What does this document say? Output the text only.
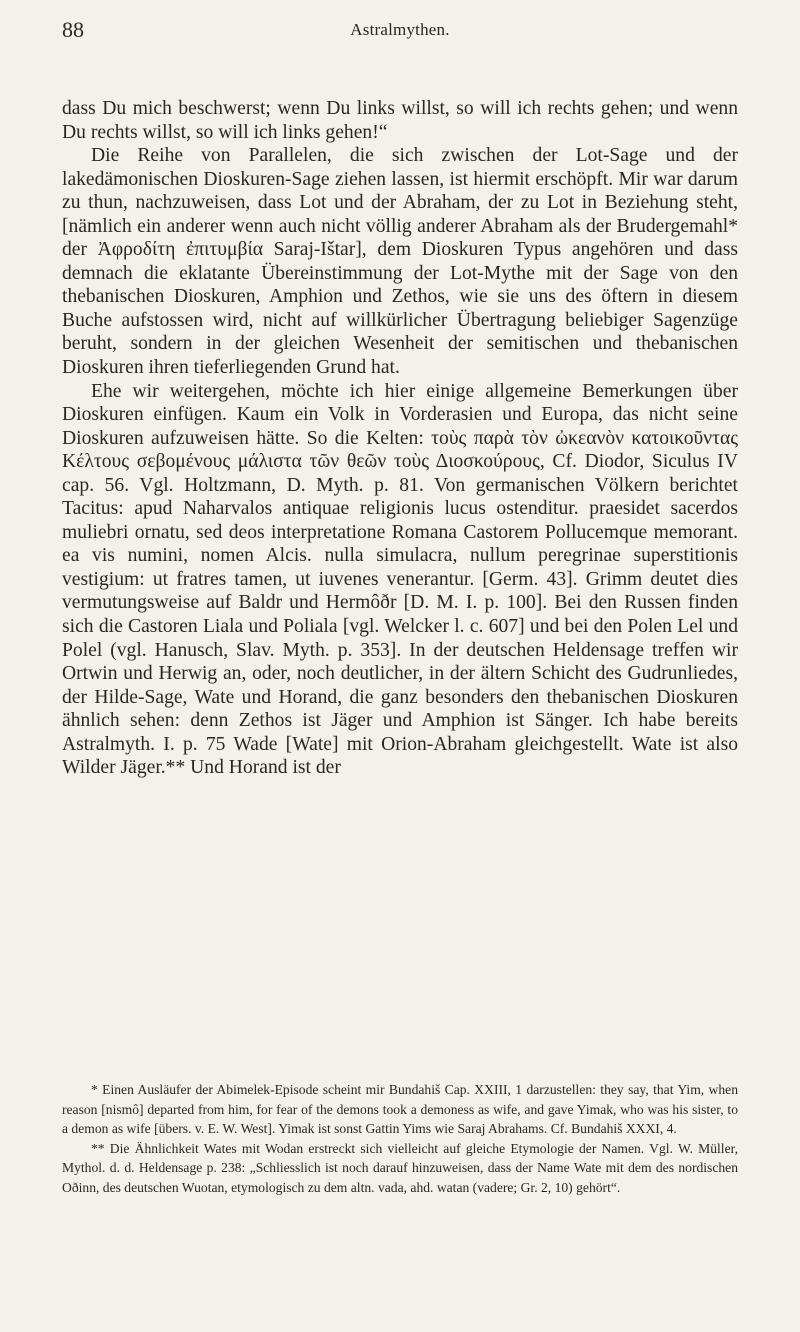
88	Astralmythen.

dass Du mich beschwerst; wenn Du links willst, so will ich rechts gehen; und wenn Du rechts willst, so will ich links gehen!“

Die Reihe von Parallelen, die sich zwischen der Lot-Sage und der lakedämonischen Dioskuren-Sage ziehen lassen, ist hiermit erschöpft. Mir war darum zu thun, nachzuweisen, dass Lot und der Abraham, der zu Lot in Beziehung steht, [nämlich ein anderer wenn auch nicht völlig anderer Abraham als der Brudergemahl* der Ἀφροδίτη ἐπιτυμβία Saraj-Ištar], dem Dioskuren Typus angehören und dass demnach die eklatante Übereinstimmung der Lot-Mythe mit der Sage von den thebanischen Dioskuren, Amphion und Zethos, wie sie uns des öftern in diesem Buche aufstossen wird, nicht auf willkürlicher Übertragung beliebiger Sagenzüge beruht, sondern in der gleichen Wesenheit der semitischen und thebanischen Dioskuren ihren tieferliegenden Grund hat.

Ehe wir weitergehen, möchte ich hier einige allgemeine Bemerkungen über Dioskuren einfügen. Kaum ein Volk in Vorderasien und Europa, das nicht seine Dioskuren aufzuweisen hätte. So die Kelten: τοὺς παρὰ τὸν ὠκεανὸν κατοικοῦντας Κέλτους σεβομένους μάλιστα τῶν θεῶν τοὺς Διοσκούρους, Cf. Diodor, Siculus IV cap. 56. Vgl. Holtzmann, D. Myth. p. 81. Von germanischen Völkern berichtet Tacitus: apud Naharvalos antiquae religionis lucus ostenditur. praesidet sacerdos muliebri ornatu, sed deos interpretatione Romana Castorem Pollucemque memorant. ea vis numini, nomen Alcis. nulla simulacra, nullum peregrinae superstitionis vestigium: ut fratres tamen, ut iuvenes venerantur. [Germ. 43]. Grimm deutet dies vermutungsweise auf Baldr und Hermôðr [D. M. I. p. 100]. Bei den Russen finden sich die Castoren Liala und Poliala [vgl. Welcker l. c. 607] und bei den Polen Lel und Polel (vgl. Hanusch, Slav. Myth. p. 353]. In der deutschen Heldensage treffen wir Ortwin und Herwig an, oder, noch deutlicher, in der ältern Schicht des Gudrunliedes, der Hilde-Sage, Wate und Horand, die ganz besonders den thebanischen Dioskuren ähnlich sehen: denn Zethos ist Jäger und Amphion ist Sänger. Ich habe bereits Astralmyth. I. p. 75 Wade [Wate] mit Orion-Abraham gleichgestellt. Wate ist also Wilder Jäger.** Und Horand ist der

* Einen Ausläufer der Abimelek-Episode scheint mir Bundahiš Cap. XXIII, 1 darzustellen: they say, that Yim, when reason [nismô] departed from him, for fear of the demons took a demoness as wife, and gave Yimak, who was his sister, to a demon as wife [übers. v. E. W. West]. Yimak ist sonst Gattin Yims wie Saraj Abrahams. Cf. Bundahiš XXXI, 4.

** Die Ähnlichkeit Wates mit Wodan erstreckt sich vielleicht auf gleiche Etymologie der Namen. Vgl. W. Müller, Mythol. d. d. Heldensage p. 238: „Schliesslich ist noch darauf hinzuweisen, dass der Name Wate mit dem des nordischen Oðinn, des deutschen Wuotan, etymologisch zu dem altn. vada, ahd. watan (vadere; Gr. 2, 10) gehört“.
